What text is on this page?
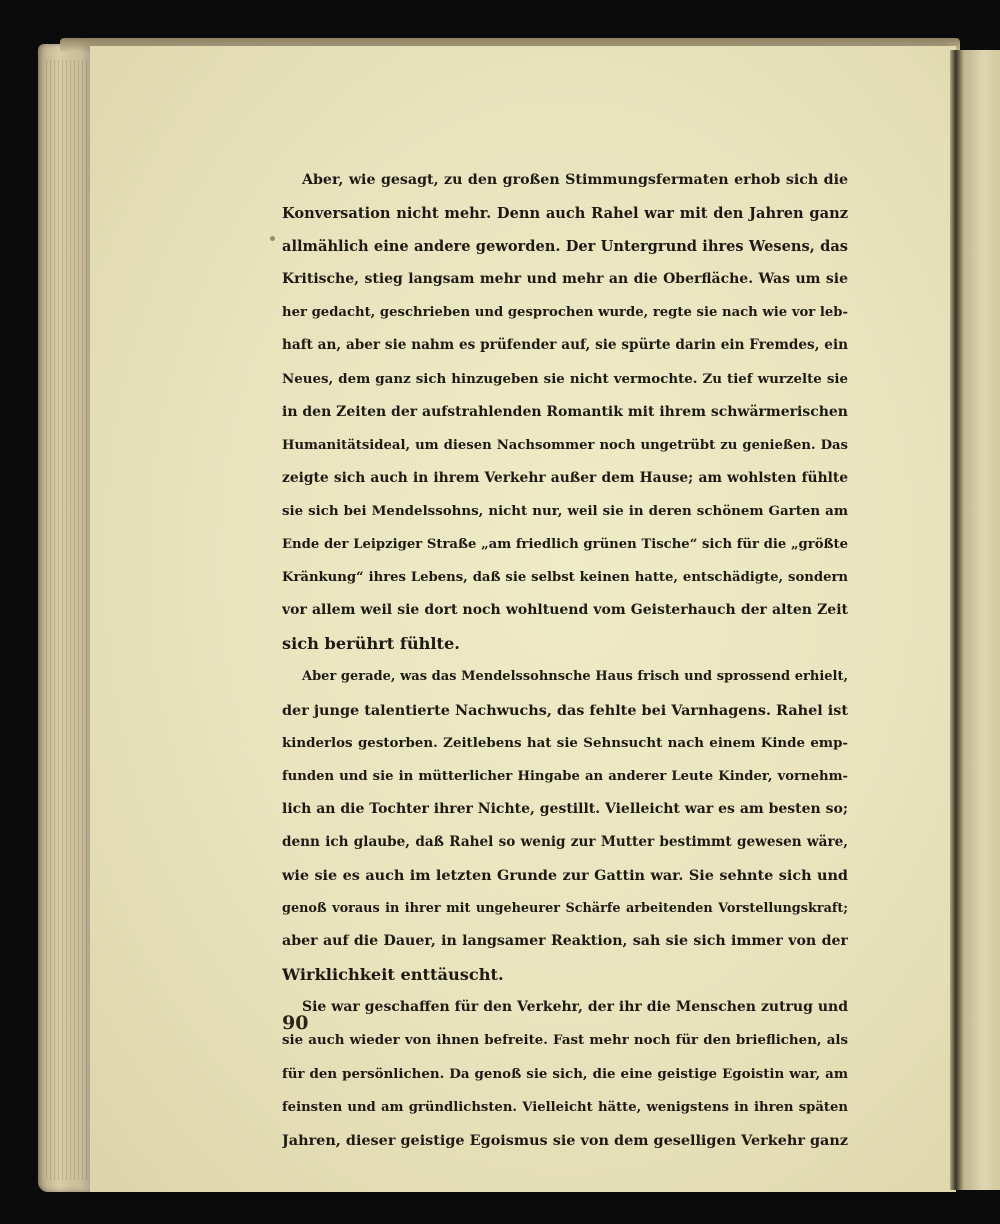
Aber, wie gesagt, zu den großen Stimmungsfermaten erhob sich die
Konversation nicht mehr. Denn auch Rahel war mit den Jahren ganz
allmählich eine andere geworden. Der Untergrund ihres Wesens, das
Kritische, stieg langsam mehr und mehr an die Oberfläche. Was um sie
her gedacht, geschrieben und gesprochen wurde, regte sie nach wie vor leb-
haft an, aber sie nahm es prüfender auf, sie spürte darin ein Fremdes, ein
Neues, dem ganz sich hinzugeben sie nicht vermochte. Zu tief wurzelte sie
in den Zeiten der aufstrahlenden Romantik mit ihrem schwärmerischen
Humanitätsideal, um diesen Nachsommer noch ungetrübt zu genießen. Das
zeigte sich auch in ihrem Verkehr außer dem Hause; am wohlsten fühlte
sie sich bei Mendelssohns, nicht nur, weil sie in deren schönem Garten am
Ende der Leipziger Straße „am friedlich grünen Tische“ sich für die „größte
Kränkung“ ihres Lebens, daß sie selbst keinen hatte, entschädigte, sondern
vor allem weil sie dort noch wohltuend vom Geisterhauch der alten Zeit
sich berührt fühlte.
Aber gerade, was das Mendelssohnsche Haus frisch und sprossend erhielt,
der junge talentierte Nachwuchs, das fehlte bei Varnhagens. Rahel ist
kinderlos gestorben. Zeitlebens hat sie Sehnsucht nach einem Kinde emp-
funden und sie in mütterlicher Hingabe an anderer Leute Kinder, vornehm-
lich an die Tochter ihrer Nichte, gestillt. Vielleicht war es am besten so;
denn ich glaube, daß Rahel so wenig zur Mutter bestimmt gewesen wäre,
wie sie es auch im letzten Grunde zur Gattin war. Sie sehnte sich und
genoß voraus in ihrer mit ungeheurer Schärfe arbeitenden Vorstellungskraft;
aber auf die Dauer, in langsamer Reaktion, sah sie sich immer von der
Wirklichkeit enttäuscht.
Sie war geschaffen für den Verkehr, der ihr die Menschen zutrug und
sie auch wieder von ihnen befreite. Fast mehr noch für den brieflichen, als
für den persönlichen. Da genoß sie sich, die eine geistige Egoistin war, am
feinsten und am gründlichsten. Vielleicht hätte, wenigstens in ihren späten
Jahren, dieser geistige Egoismus sie von dem geselligen Verkehr ganz
90
